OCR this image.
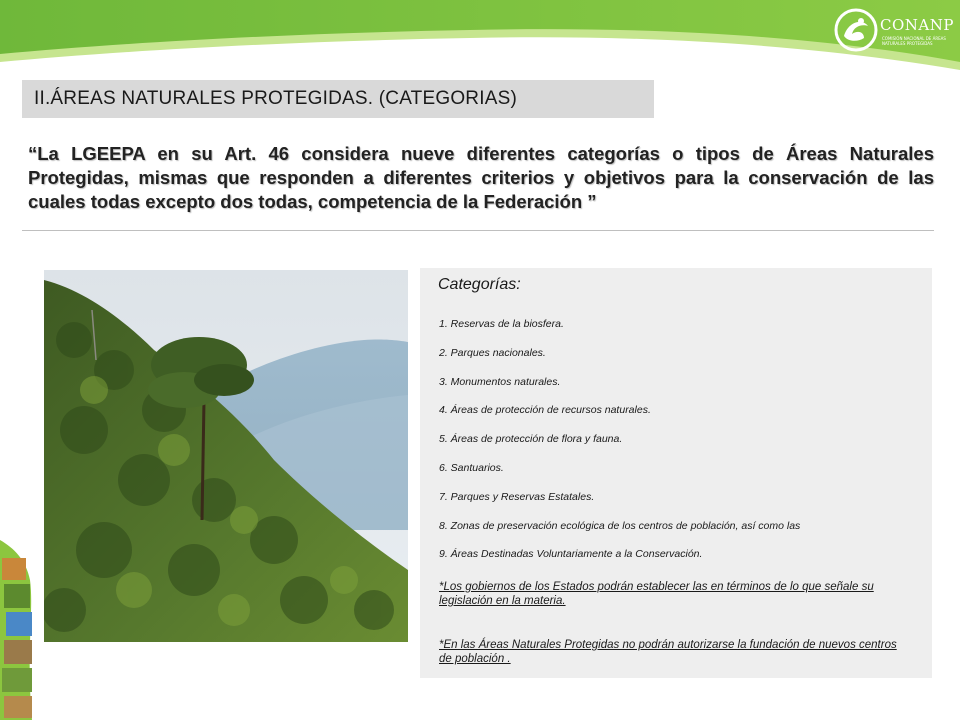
CONANP
COMISIÓN NACIONAL DE ÁREAS NATURALES PROTEGIDAS
II.ÁREAS NATURALES PROTEGIDAS. (CATEGORIAS)

“La LGEEPA en su Art. 46 considera nueve diferentes categorías o tipos de Áreas Naturales Protegidas, mismas que responden a diferentes criterios y objetivos para la conservación de las cuales todas excepto dos todas, competencia de la Federación ”

Categorías:
1. Reservas de la biosfera.
2. Parques nacionales.
3. Monumentos naturales.
4. Áreas de protección de recursos naturales.
5. Áreas de protección de flora y fauna.
6. Santuarios.
7. Parques y Reservas Estatales.
8. Zonas de preservación ecológica de los centros de población, así como las
9. Áreas Destinadas Voluntariamente a la Conservación.

*Los gobiernos de los Estados podrán establecer las en términos de lo que señale su legislación en la materia.

*En las Áreas Naturales Protegidas no podrán autorizarse la fundación de nuevos centros de población .
